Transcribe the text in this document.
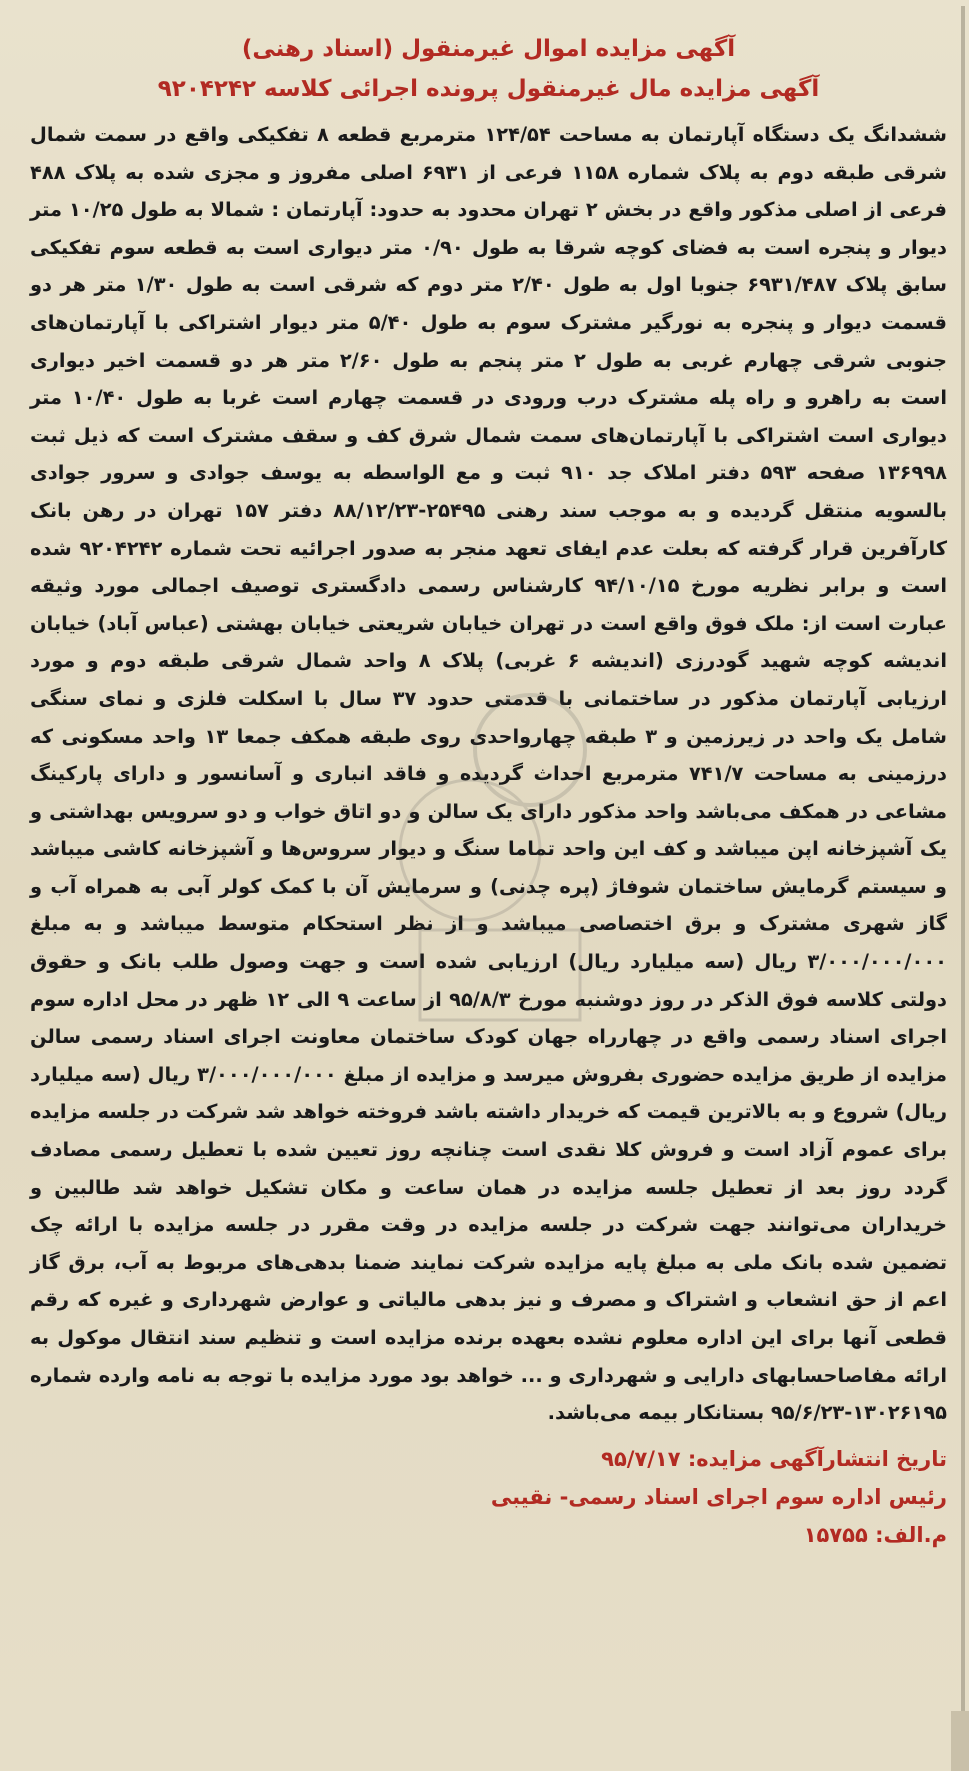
آگهی مزایده اموال غیرمنقول (اسناد رهنی)
آگهی مزایده مال غیرمنقول پرونده اجرائی کلاسه ۹۲۰۴۲۴۲

ششدانگ یک دستگاه آپارتمان به مساحت ۱۲۴/۵۴ مترمربع قطعه ۸ تفکیکی واقع در سمت شمال شرقی طبقه دوم به پلاک شماره ۱۱۵۸ فرعی از ۶۹۳۱ اصلی مفروز و مجزی شده به پلاک ۴۸۸ فرعی از اصلی مذکور واقع در بخش ۲ تهران محدود به حدود: آپارتمان : شمالا به طول ۱۰/۲۵ متر دیوار و پنجره است به فضای کوچه شرقا به طول ۰/۹۰ متر دیواری است به قطعه سوم تفکیکی سابق پلاک ۶۹۳۱/۴۸۷ جنوبا اول به طول ۲/۴۰ متر دوم که شرقی است به طول ۱/۳۰ متر هر دو قسمت دیوار و پنجره به نورگیر مشترک سوم به طول ۵/۴۰ متر دیوار اشتراکی با آپارتمان‌های جنوبی شرقی چهارم غربی به طول ۲ متر پنجم به طول ۲/۶۰ متر هر دو قسمت اخیر دیواری است به راهرو و راه پله مشترک درب ورودی در قسمت چهارم است غربا به طول ۱۰/۴۰ متر دیواری است اشتراکی با آپارتمان‌های سمت شمال شرق کف و سقف مشترک است که ذیل ثبت ۱۳۶۹۹۸ صفحه ۵۹۳ دفتر املاک جد ۹۱۰ ثبت و مع الواسطه به یوسف جوادی و سرور جوادی بالسویه منتقل گردیده و به موجب سند رهنی ۲۵۴۹۵-۸۸/۱۲/۲۳ دفتر ۱۵۷ تهران در رهن بانک کارآفرین قرار گرفته که بعلت عدم ایفای تعهد منجر به صدور اجرائیه تحت شماره ۹۲۰۴۲۴۲ شده است و برابر نظریه مورخ ۹۴/۱۰/۱۵ کارشناس رسمی دادگستری توصیف اجمالی مورد وثیقه عبارت است از: ملک فوق واقع است در تهران خیابان شریعتی خیابان بهشتی (عباس آباد) خیابان اندیشه کوچه شهید گودرزی (اندیشه ۶ غربی) پلاک ۸ واحد شمال شرقی طبقه دوم و مورد ارزیابی آپارتمان مذکور در ساختمانی با قدمتی حدود ۳۷ سال با اسکلت فلزی و نمای سنگی شامل یک واحد در زیرزمین و ۳ طبقه چهارواحدی روی طبقه همکف جمعا ۱۳ واحد مسکونی که درزمینی به مساحت ۷۴۱/۷ مترمربع احداث گردیده و فاقد انباری و آسانسور و دارای پارکینگ مشاعی در همکف می‌باشد واحد مذکور دارای یک سالن و دو اتاق خواب و دو سرویس بهداشتی و یک آشپزخانه اپن میباشد و کف این واحد تماما سنگ و دیوار سروس‌ها و آشپزخانه کاشی میباشد و سیستم گرمایش ساختمان شوفاژ (پره چدنی) و سرمایش آن با کمک کولر آبی به همراه آب و گاز شهری مشترک و برق اختصاصی میباشد و از نظر استحکام متوسط میباشد و به مبلغ ۳/۰۰۰/۰۰۰/۰۰۰ ریال (سه میلیارد ریال) ارزیابی شده است و جهت وصول طلب بانک و حقوق دولتی کلاسه فوق الذکر در روز دوشنبه مورخ ۹۵/۸/۳ از ساعت ۹ الی ۱۲ ظهر در محل اداره سوم اجرای اسناد رسمی واقع در چهارراه جهان کودک ساختمان معاونت اجرای اسناد رسمی سالن مزایده از طریق مزایده حضوری بفروش میرسد و مزایده از مبلغ ۳/۰۰۰/۰۰۰/۰۰۰ ریال (سه میلیارد ریال) شروع و به بالاترین قیمت که خریدار داشته باشد فروخته خواهد شد شرکت در جلسه مزایده برای عموم آزاد است و فروش کلا نقدی است چنانچه روز تعیین شده با تعطیل رسمی مصادف گردد روز بعد از تعطیل جلسه مزایده در همان ساعت و مکان تشکیل خواهد شد طالبین و خریداران می‌توانند جهت شرکت در جلسه مزایده در وقت مقرر در جلسه مزایده با ارائه چک تضمین شده بانک ملی به مبلغ پایه مزایده شرکت نمایند ضمنا بدهی‌های مربوط به آب، برق گاز اعم از حق انشعاب و اشتراک و مصرف و نیز بدهی مالیاتی و عوارض شهرداری و غیره که رقم قطعی آنها برای این اداره معلوم نشده بعهده برنده مزایده است و تنظیم سند انتقال موکول به ارائه مفاصاحسابهای دارایی و شهرداری و ... خواهد بود مورد مزایده با توجه به نامه وارده شماره ۱۳۰۲۶۱۹۵-۹۵/۶/۲۳ بستانکار بیمه می‌باشد.

تاریخ انتشارآگهی مزایده: ۹۵/۷/۱۷
رئیس اداره سوم اجرای اسناد رسمی- نقیبی
م.الف: ۱۵۷۵۵
